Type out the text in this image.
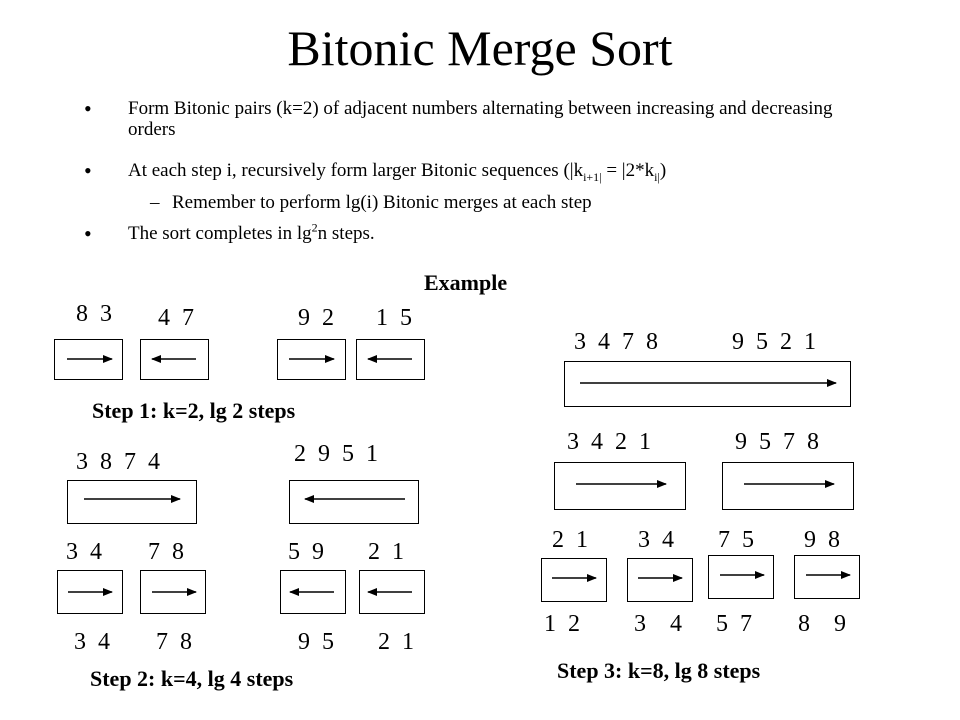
Bitonic Merge Sort
• Form Bitonic pairs (k=2) of adjacent numbers alternating between increasing and decreasing orders
• At each step i, recursively form larger Bitonic sequences $(|k_{i+1|} = |2*k_{i|})$
– Remember to perform lg(i) Bitonic merges at each step
• The sort completes in $\lg^2n$ steps.
Example
8  3 4  7	9  2 1  5
Step 1: k=2, lg 2 steps
3  8  7  4	2  9  5  1
3  4 7  8	5  9 2  1
3  4 7  8	9  5 2  1
Step 2: k=4, lg 4 steps
3  4  7  8	9  5  2  1
3  4  2  1	9  5  7  8
2  1 3  4 7  5 9  8
1  2 3    4 5  7 8    9
Step 3: k=8, lg 8 steps
